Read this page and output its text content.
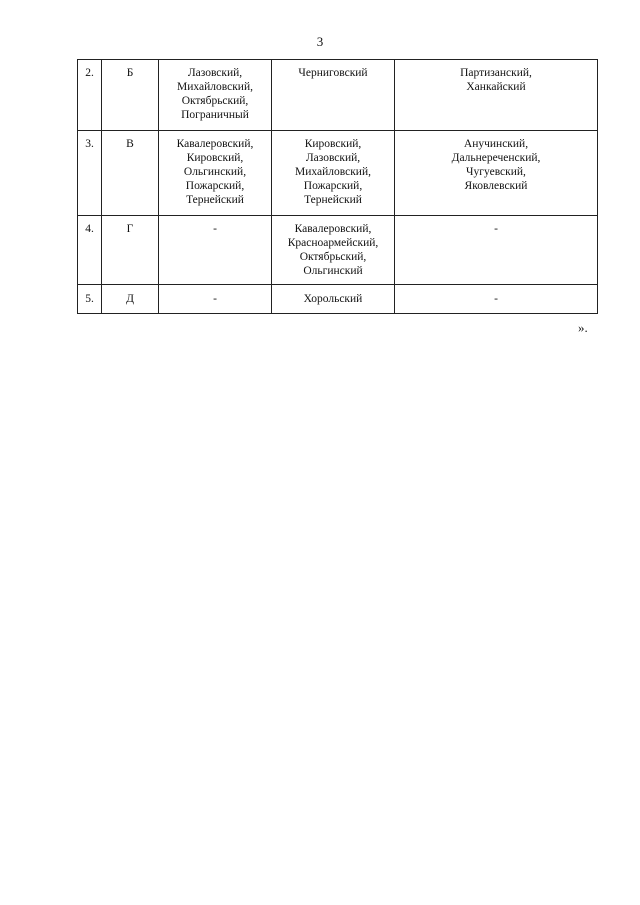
3
2.	Б	Лазовский,
Михайловский,
Октябрьский,
Пограничный	Черниговский	Партизанский,
Ханкайский
3.	В	Кавалеровский,
Кировский,
Ольгинский,
Пожарский,
Тернейский	Кировский,
Лазовский,
Михайловский,
Пожарский,
Тернейский	Анучинский,
Дальнереченский,
Чугуевский,
Яковлевский
4.	Г	-	Кавалеровский,
Красноармейский,
Октябрьский,
Ольгинский	-
5.	Д	-	Хорольский	-
».
